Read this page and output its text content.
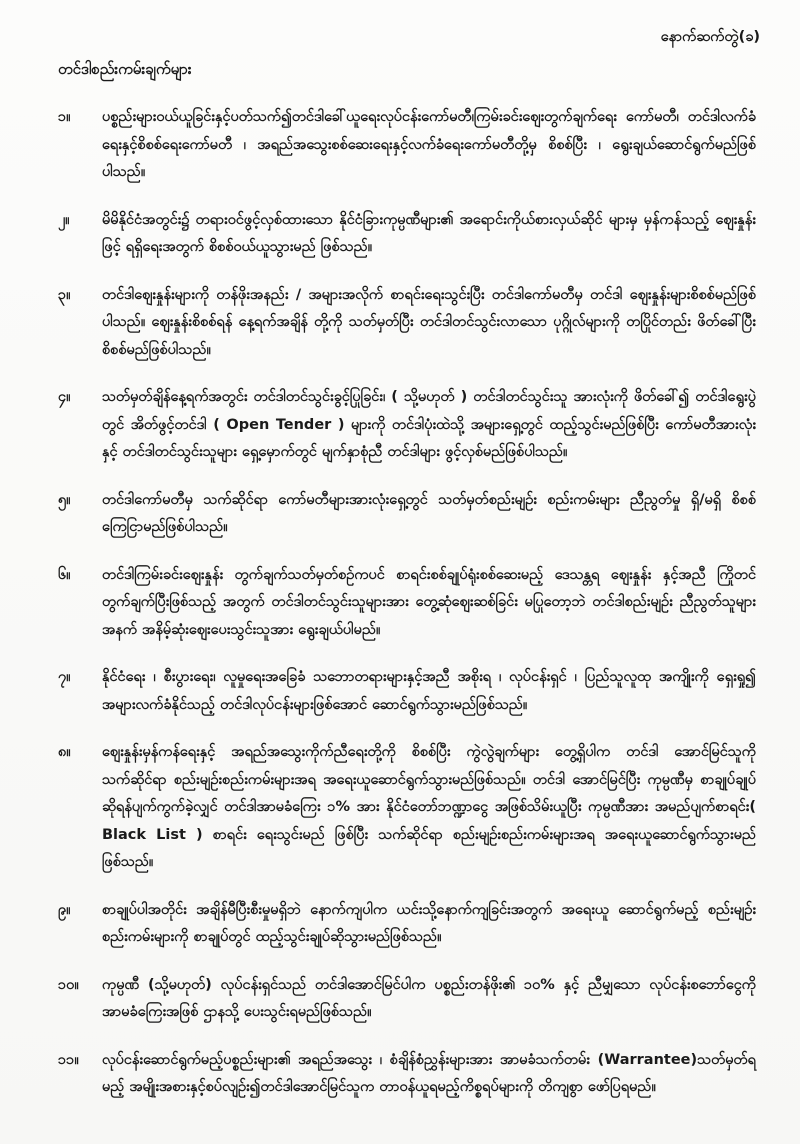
နောက်ဆက်တွဲ(ခ)
တင်ဒါစည်းကမ်းချက်များ
၁။	ပစ္စည်းများဝယ်ယူခြင်းနှင့်ပတ်သက်၍တင်ဒါခေါ်ယူရေးလုပ်ငန်းကော်မတီ၊ကြမ်းခင်းဈေးတွက်ချက်ရေး ကော်မတီ၊ တင်ဒါလက်ခံရေးနှင့်စိစစ်ရေးကော်မတီ ၊ အရည်အသွေးစစ်ဆေးရေးနှင့်လက်ခံရေးကော်မတီတို့မှ စိစစ်ပြီး ၊ ရွေးချယ်ဆောင်ရွက်မည်ဖြစ်ပါသည်။
၂။	မိမိနိုင်ငံအတွင်း၌ တရားဝင်ဖွင့်လှစ်ထားသော နိုင်ငံခြားကုမ္ပဏီများ၏ အရောင်းကိုယ်စားလှယ်ဆိုင် များမှ မှန်ကန်သည့် ဈေးနှုန်းဖြင့် ရရှိရေးအတွက် စိစစ်ဝယ်ယူသွားမည် ဖြစ်သည်။
၃။	တင်ဒါဈေးနှုန်းများကို တန်ဖိုးအနည်း / အများအလိုက် စာရင်းရေးသွင်းပြီး တင်ဒါကော်မတီမှ တင်ဒါ ဈေးနှုန်းများစိစစ်မည်ဖြစ်ပါသည်။ ဈေးနှုန်းစိစစ်ရန် နေ့ရက်အချိန် တို့ကို သတ်မှတ်ပြီး တင်ဒါတင်သွင်းလာသော ပုဂ္ဂိုလ်များကို တပြိုင်တည်း ဖိတ်ခေါ်ပြီးစိစစ်မည်ဖြစ်ပါသည်။
၄။	သတ်မှတ်ချိန်နေ့ရက်အတွင်း တင်ဒါတင်သွင်းခွင့်ပြုခြင်း၊ ( သို့မဟုတ် ) တင်ဒါတင်သွင်းသူ အားလုံးကို ဖိတ်ခေါ်၍ တင်ဒါရွေးပွဲတွင် အိတ်ဖွင့်တင်ဒါ ( Open Tender ) များကို တင်ဒါပုံးထဲသို့ အများရှေ့တွင် ထည့်သွင်းမည်ဖြစ်ပြီး ကော်မတီအားလုံးနှင့် တင်ဒါတင်သွင်းသူများ ရှေ့မှောက်တွင် မျက်နှာစုံညီ တင်ဒါများ ဖွင့်လှစ်မည်ဖြစ်ပါသည်။
၅။	တင်ဒါကော်မတီမှ သက်ဆိုင်ရာ ကော်မတီများအားလုံးရှေ့တွင် သတ်မှတ်စည်းမျဉ်း စည်းကမ်းများ ညီညွတ်မှု ရှိ/မရှိ စိစစ်ကြေငြာမည်ဖြစ်ပါသည်။
၆။	တင်ဒါကြမ်းခင်းဈေးနှုန်း တွက်ချက်သတ်မှတ်စဉ်ကပင် စာရင်းစစ်ချုပ်ရုံးစစ်ဆေးမည့် ဒေသန္တရ ဈေးနှုန်း နှင့်အညီ ကြိုတင်တွက်ချက်ပြီးဖြစ်သည့် အတွက် တင်ဒါတင်သွင်းသူများအား တွေ့ဆုံဈေးဆစ်ခြင်း မပြုတော့ဘဲ တင်ဒါစည်းမျဉ်း ညီညွတ်သူများအနက် အနိမ့်ဆုံးဈေးပေးသွင်းသူအား ရွေးချယ်ပါမည်။
၇။	နိုင်ငံရေး ၊ စီးပွားရေး၊ လူမှုရေးအခြေခံ သဘောတရားများနှင့်အညီ အစိုးရ ၊ လုပ်ငန်းရှင် ၊ ပြည်သူလူထု အကျိုးကို ရှေးရှု၍ အများလက်ခံနိုင်သည့် တင်ဒါလုပ်ငန်းများဖြစ်အောင် ဆောင်ရွက်သွားမည်ဖြစ်သည်။
၈။	ဈေးနှုန်းမှန်ကန်ရေးနှင့် အရည်အသွေးကိုက်ညီရေးတို့ကို စိစစ်ပြီး ကွဲလွဲချက်များ တွေ့ရှိပါက တင်ဒါ အောင်မြင်သူကို သက်ဆိုင်ရာ စည်းမျဉ်းစည်းကမ်းများအရ အရေးယူဆောင်ရွက်သွားမည်ဖြစ်သည်။ တင်ဒါ အောင်မြင်ပြီး ကုမ္ပဏီမှ စာချုပ်ချုပ်ဆိုရန်ပျက်ကွက်ခဲ့လျှင် တင်ဒါအာမခံကြေး ၁% အား နိုင်ငံတော်ဘဏ္ဍာငွေ အဖြစ်သိမ်းယူပြီး ကုမ္ပဏီအား အမည်ပျက်စာရင်း( Black List ) စာရင်း ရေးသွင်းမည် ဖြစ်ပြီး သက်ဆိုင်ရာ စည်းမျဉ်းစည်းကမ်းများအရ အရေးယူဆောင်ရွက်သွားမည် ဖြစ်သည်။
၉။	စာချုပ်ပါအတိုင်း အချိန်မီပြီးစီးမှုမရှိဘဲ နောက်ကျပါက ယင်းသို့နောက်ကျခြင်းအတွက် အရေးယူ ဆောင်ရွက်မည့် စည်းမျဉ်းစည်းကမ်းများကို စာချုပ်တွင် ထည့်သွင်းချုပ်ဆိုသွားမည်ဖြစ်သည်။
၁၀။	ကုမ္ပဏီ (သို့မဟုတ်) လုပ်ငန်းရှင်သည် တင်ဒါအောင်မြင်ပါက ပစ္စည်းတန်ဖိုး၏ ၁၀% နှင့် ညီမျှသော လုပ်ငန်းစဘော်ငွေကို အာမခံကြေးအဖြစ် ဌာနသို့ ပေးသွင်းရမည်ဖြစ်သည်။
၁၁။	လုပ်ငန်းဆောင်ရွက်မည့်ပစ္စည်းများ၏ အရည်အသွေး ၊ စံချိန်စံညွှန်းများအား အာမခံသက်တမ်း (Warrantee)သတ်မှတ်ရမည့် အမျိုးအစားနှင့်စပ်လျဉ်း၍တင်ဒါအောင်မြင်သူက တာဝန်ယူရမည့်ကိစ္စရပ်များကို တိကျစွာ ဖော်ပြရမည်။
